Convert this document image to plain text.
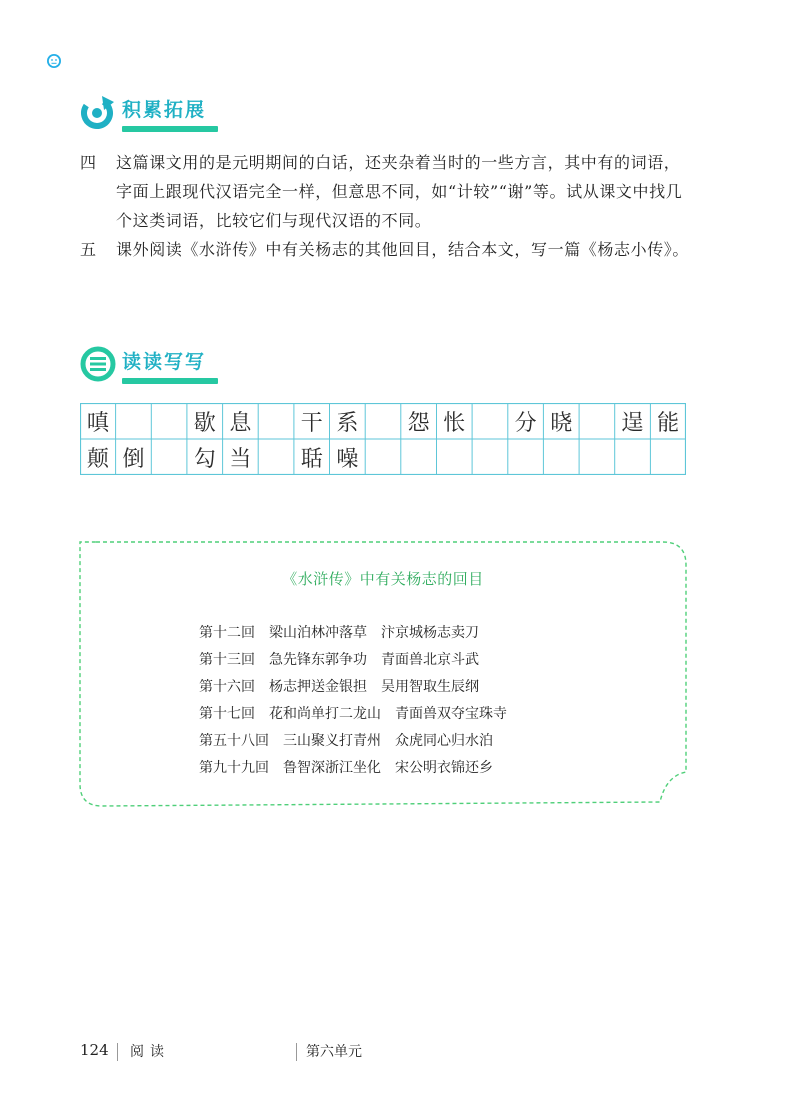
积累拓展
四	这篇课文用的是元明期间的白话，还夹杂着当时的一些方言，其中有的词语，字面上跟现代汉语完全一样，但意思不同，如“计较”“谢”等。试从课文中找几个这类词语，比较它们与现代汉语的不同。
五	课外阅读《水浒传》中有关杨志的其他回目，结合本文，写一篇《杨志小传》。
读读写写
嗔	歇 息	干 系	怨 怅	分 晓	逞 能
颠 倒	勾 当	聒 噪
《水浒传》中有关杨志的回目
第十二回 梁山泊林冲落草 汴京城杨志卖刀
第十三回 急先锋东郭争功 青面兽北京斗武
第十六回 杨志押送金银担 吴用智取生辰纲
第十七回 花和尚单打二龙山 青面兽双夺宝珠寺
第五十八回 三山聚义打青州 众虎同心归水泊
第九十九回 鲁智深浙江坐化 宋公明衣锦还乡
124 阅读	第六单元
